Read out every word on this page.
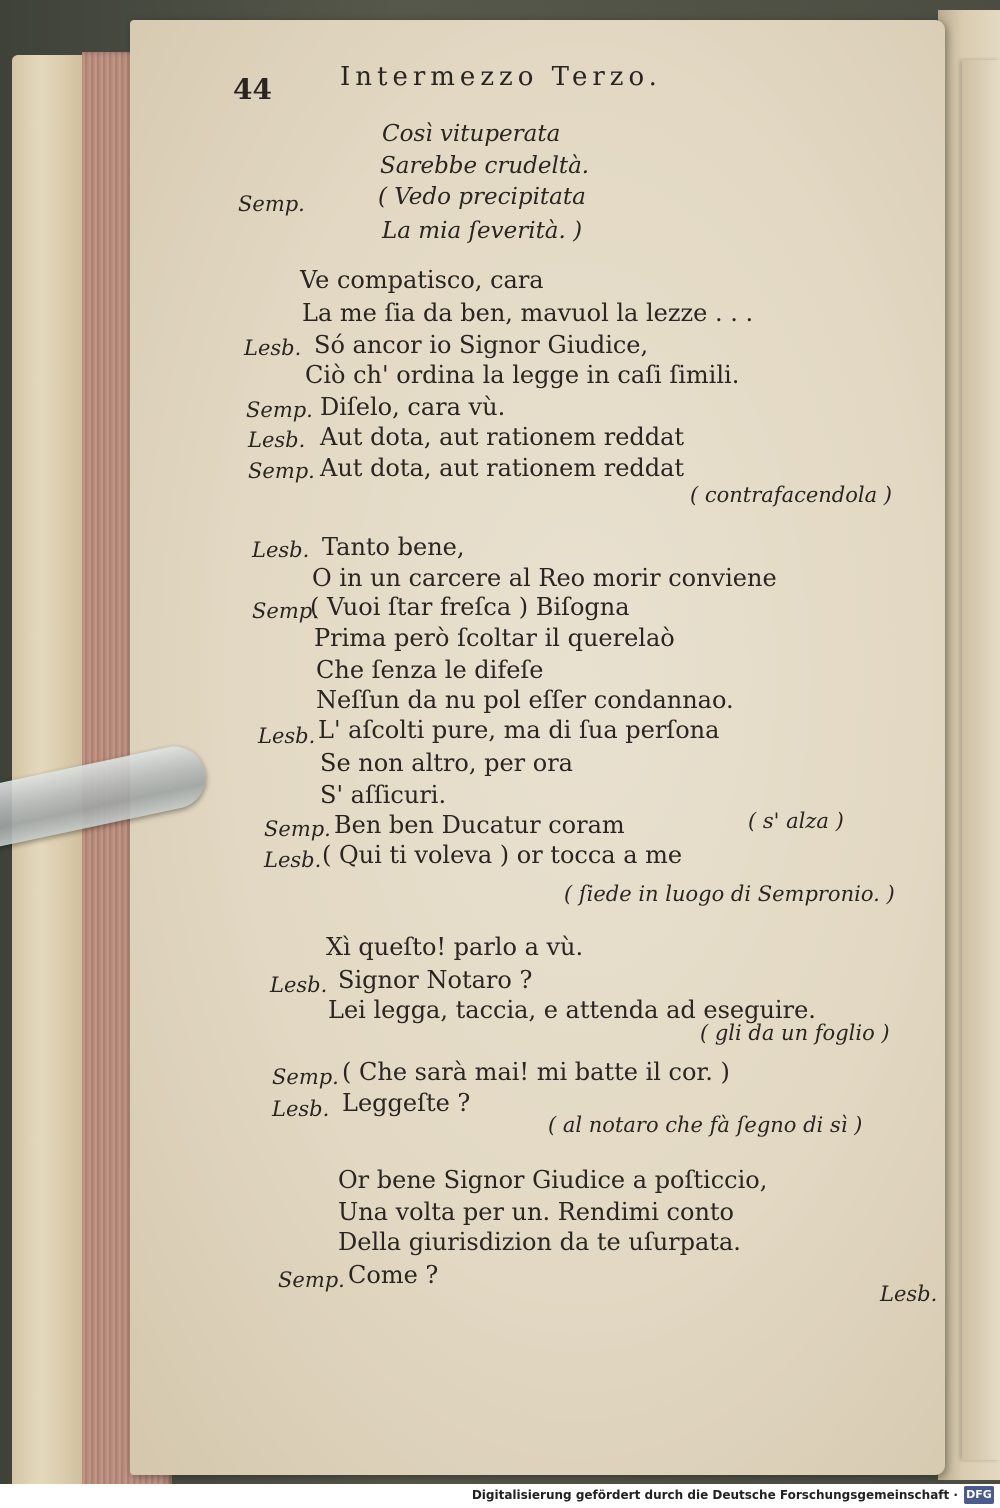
44	Intermezzo Terzo.
Così vituperata
Sarebbe crudeltà.
Semp.	( Vedo precipitata
La mia ſeverità. )
Ve compatisco, cara
La me ſia da ben, mavuol la lezze . . .
Lesb. Só ancor io Signor Giudice,
Ciò ch' ordina la legge in caſi ſimili.
Semp. Diſelo, cara vù.
Lesb. Aut dota, aut rationem reddat
Semp. Aut dota, aut rationem reddat
( contrafacendola )
Lesb. Tanto bene,
O in un carcere al Reo morir conviene
Semp.
( Vuoi ſtar freſca ) Biſogna
Prima però ſcoltar il querelaò
Che ſenza le difeſe
Neſſun da nu pol eſſer condannao.
Lesb. L' aſcolti pure, ma di ſua perſona
Se non altro, per ora
S' aſſicuri.
Semp. Ben ben Ducatur coram	( s' alza )
Lesb. ( Qui ti voleva ) or tocca a me
( ſiede in luogo di Sempronio. )
Xì queſto! parlo a vù.
Lesb. Signor Notaro ?
Lei legga, taccia, e attenda ad eseguire.
( gli da un foglio )
Semp. ( Che sarà mai! mi batte il cor. )
Lesb. Leggeſte ?
( al notaro che fà ſegno di sì )
Or bene Signor Giudice a poſticcio,
Una volta per un. Rendimi conto
Della giurisdizion da te uſurpata.
Semp. Come ?
Lesb.
Digitalisierung gefördert durch die Deutsche Forschungsgemeinschaft · DFG
